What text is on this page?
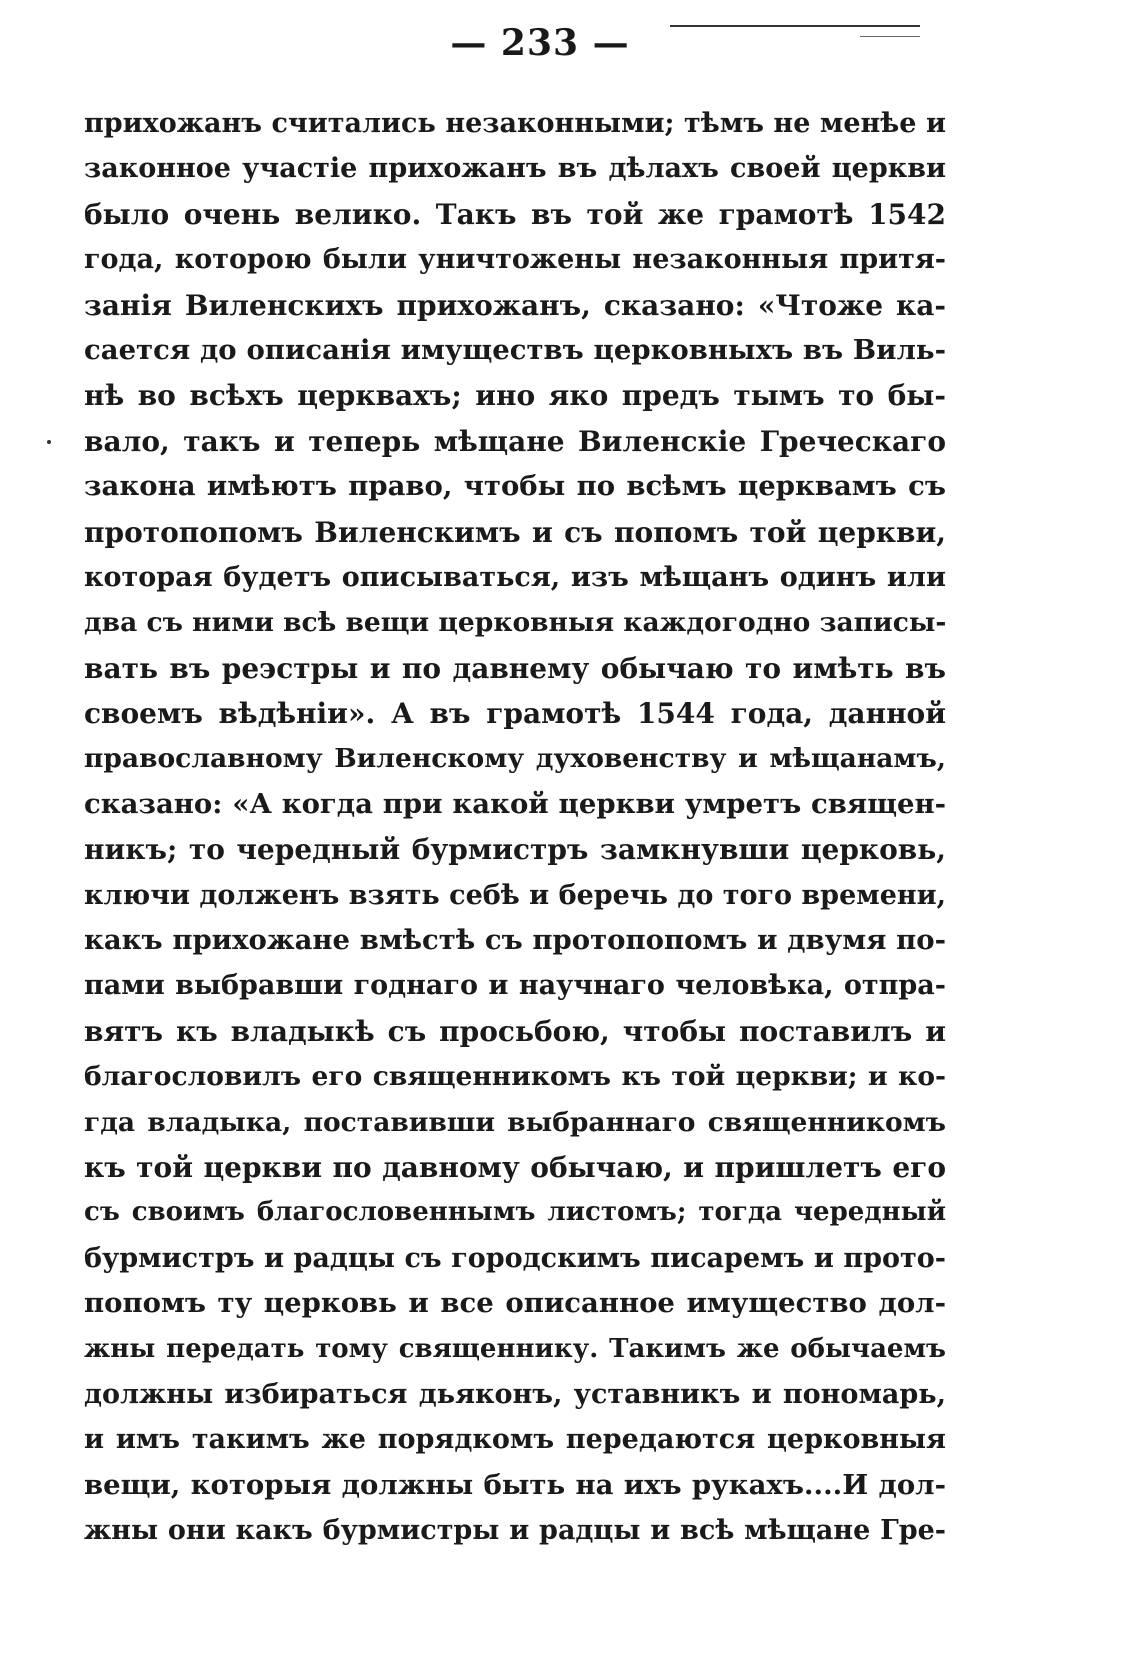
— 233 —
прихожанъ считались незаконными; тѣмъ не менѣе и
законное участіе прихожанъ въ дѣлахъ своей церкви
было очень велико. Такъ въ той же грамотѣ 1542
года, которою были уничтожены незаконныя притя-
занія Виленскихъ прихожанъ, сказано: «Чтоже ка-
сается до описанія имуществъ церковныхъ въ Виль-
нѣ во всѣхъ церквахъ; ино яко предъ тымъ то бы-
вало, такъ и теперь мѣщане Виленскіе Греческаго
закона имѣютъ право, чтобы по всѣмъ церквамъ съ
протопопомъ Виленскимъ и съ попомъ той церкви,
которая будетъ описываться, изъ мѣщанъ одинъ или
два съ ними всѣ вещи церковныя каждогодно записы-
вать въ реэстры и по давнему обычаю то имѣть въ
своемъ вѣдѣніи». А въ грамотѣ 1544 года, данной
православному Виленскому духовенству и мѣщанамъ,
сказано: «А когда при какой церкви умретъ священ-
никъ; то чередный бурмистръ замкнувши церковь,
ключи долженъ взять себѣ и беречь до того времени,
какъ прихожане вмѣстѣ съ протопопомъ и двумя по-
пами выбравши годнаго и научнаго человѣка, отпра-
вятъ къ владыкѣ съ просьбою, чтобы поставилъ и
благословилъ его священникомъ къ той церкви; и ко-
гда владыка, поставивши выбраннаго священникомъ
къ той церкви по давному обычаю, и пришлетъ его
съ своимъ благословеннымъ листомъ; тогда чередный
бурмистръ и радцы съ городскимъ писаремъ и прото-
попомъ ту церковь и все описанное имущество дол-
жны передать тому священнику. Такимъ же обычаемъ
должны избираться дьяконъ, уставникъ и пономарь,
и имъ такимъ же порядкомъ передаются церковныя
вещи, которыя должны быть на ихъ рукахъ....И дол-
жны они какъ бурмистры и радцы и всѣ мѣщане Гре-
